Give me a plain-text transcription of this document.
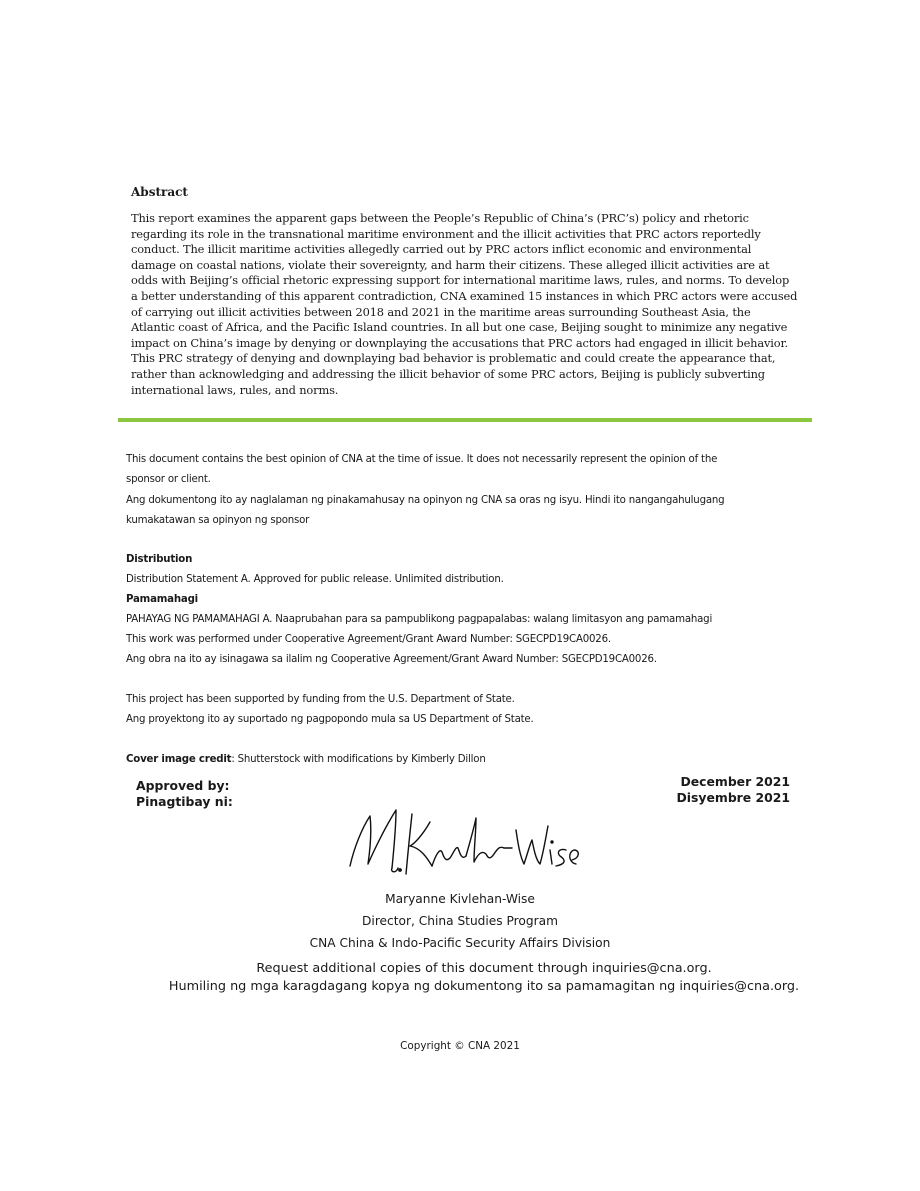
Abstract

This report examines the apparent gaps between the People’s Republic of China’s (PRC’s) policy and rhetoric
regarding its role in the transnational maritime environment and the illicit activities that PRC actors reportedly
conduct. The illicit maritime activities allegedly carried out by PRC actors inflict economic and environmental
damage on coastal nations, violate their sovereignty, and harm their citizens. These alleged illicit activities are at
odds with Beijing’s official rhetoric expressing support for international maritime laws, rules, and norms. To develop
a better understanding of this apparent contradiction, CNA examined 15 instances in which PRC actors were accused
of carrying out illicit activities between 2018 and 2021 in the maritime areas surrounding Southeast Asia, the
Atlantic coast of Africa, and the Pacific Island countries. In all but one case, Beijing sought to minimize any negative
impact on China’s image by denying or downplaying the accusations that PRC actors had engaged in illicit behavior.
This PRC strategy of denying and downplaying bad behavior is problematic and could create the appearance that,
rather than acknowledging and addressing the illicit behavior of some PRC actors, Beijing is publicly subverting
international laws, rules, and norms.

This document contains the best opinion of CNA at the time of issue. It does not necessarily represent the opinion of the

sponsor or client.

Ang dokumentong ito ay naglalaman ng pinakamahusay na opinyon ng CNA sa oras ng isyu. Hindi ito nangangahulugang

kumakatawan sa opinyon ng sponsor

Distribution

Distribution Statement A. Approved for public release. Unlimited distribution.

Pamamahagi

PAHAYAG NG PAMAMAHAGI A. Naaprubahan para sa pampublikong pagpapalabas: walang limitasyon ang pamamahagi

This work was performed under Cooperative Agreement/Grant Award Number: SGECPD19CA0026.

Ang obra na ito ay isinagawa sa ilalim ng Cooperative Agreement/Grant Award Number: SGECPD19CA0026.

This project has been supported by funding from the U.S. Department of State.

Ang proyektong ito ay suportado ng pagpopondo mula sa US Department of State.

Cover image credit: Shutterstock with modifications by Kimberly Dillon

Approved by:
Pinagtibay ni:
December 2021
Disyembre 2021

Maryanne Kivlehan-Wise

Director, China Studies Program

CNA China & Indo-Pacific Security Affairs Division

Request additional copies of this document through inquiries@cna.org.

Humiling ng mga karagdagang kopya ng dokumentong ito sa pamamagitan ng inquiries@cna.org.

Copyright © CNA 2021
